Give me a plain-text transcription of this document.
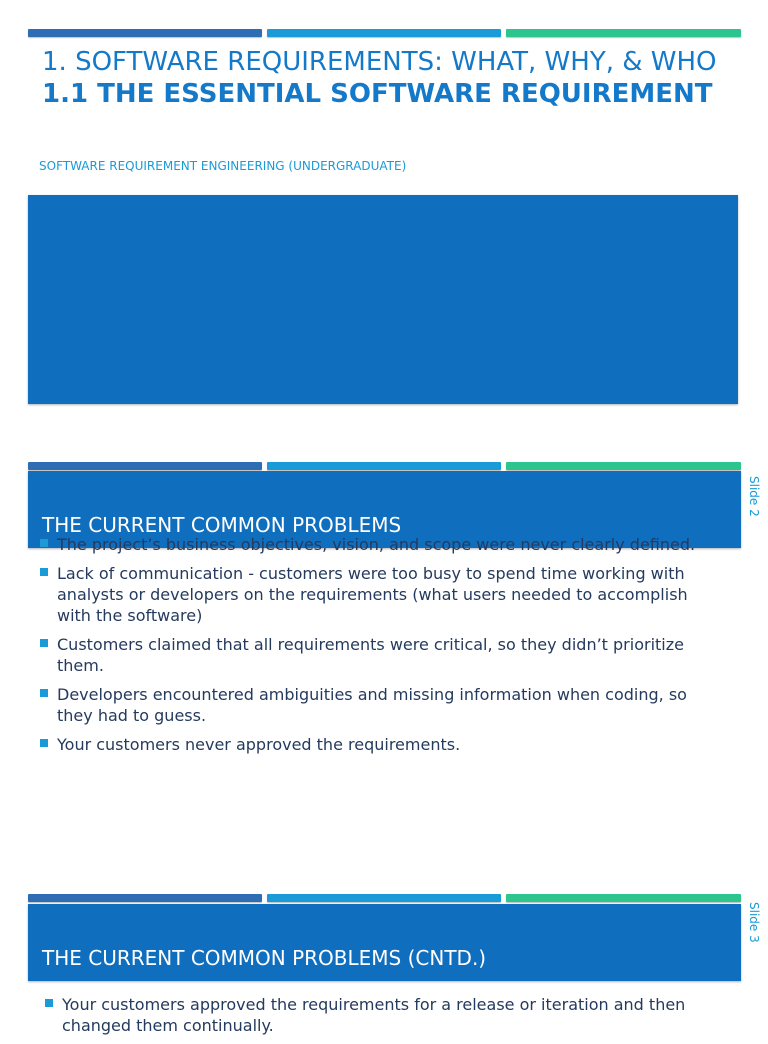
1. SOFTWARE REQUIREMENTS: WHAT, WHY, & WHO
1.1 THE ESSENTIAL SOFTWARE REQUIREMENT
SOFTWARE REQUIREMENT ENGINEERING (UNDERGRADUATE)
THE CURRENT COMMON PROBLEMS
Slide 2
The project’s business objectives, vision, and scope were never clearly defined.
Lack of communication - customers were too busy to spend time working with analysts or developers on the requirements (what users needed to accomplish with the software)
Customers claimed that all requirements were critical, so they didn’t prioritize them.
Developers encountered ambiguities and missing information when coding, so they had to guess.
Your customers never approved the requirements.
THE CURRENT COMMON PROBLEMS (CNTD.)
Slide 3
Your customers approved the requirements for a release or iteration and then changed them continually.
